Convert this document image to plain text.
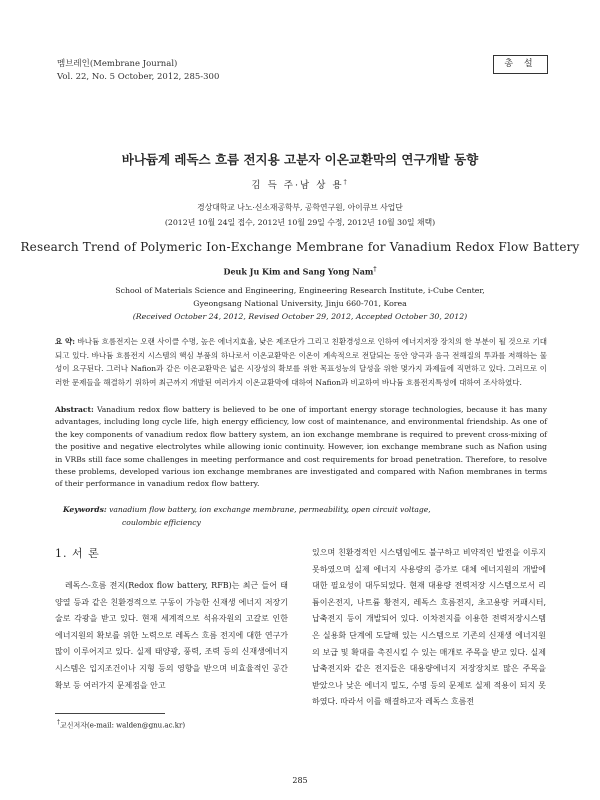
멤브레인(Membrane Journal)
Vol. 22, No. 5 October, 2012, 285-300
총 설
바나듐계 레독스 흐름 전지용 고분자 이온교환막의 연구개발 동향
김 득 주·남 상 용†
경상대학교 나노·신소재공학부, 공학연구원, 아이큐브 사업단
(2012년 10월 24일 접수, 2012년 10월 29일 수정, 2012년 10월 30일 채택)
Research Trend of Polymeric Ion-Exchange Membrane for Vanadium Redox Flow Battery
Deuk Ju Kim and Sang Yong Nam†
School of Materials Science and Engineering, Engineering Research Institute, i-Cube Center,
Gyeongsang National University, Jinju 660-701, Korea
(Received October 24, 2012, Revised October 29, 2012, Accepted October 30, 2012)
요 약: 바나듐 흐름전지는 오랜 사이클 수명, 높은 에너지효율, 낮은 제조단가 그리고 친환경성으로 인하여 에너지저장 장치의 한 부분이 될 것으로 기대되고 있다. 바나듐 흐름전지 시스템의 핵심 부품의 하나로서 이온교환막은 이온이 계속적으로 전달되는 동안 양극과 음극 전해질의 투과를 저해하는 물성이 요구된다. 그러나 Nafion과 같은 이온교환막은 넓은 시장성의 확보를 위한 목표성능의 달성을 위한 몇가지 과제들에 직면하고 있다. 그러므로 이러한 문제들을 해결하기 위하여 최근까지 개발된 여러가지 이온교환막에 대하여 Nafion과 비교하여 바나듐 흐름전지특성에 대하여 조사하였다.
Abstract: Vanadium redox flow battery is believed to be one of important energy storage technologies, because it has many advantages, including long cycle life, high energy efficiency, low cost of maintenance, and environmental friendship. As one of the key components of vanadium redox flow battery system, an ion exchange membrane is required to prevent cross-mixing of the positive and negative electrolytes while allowing ionic continuity. However, ion exchange membrane such as Nafion using in VRBs still face some challenges in meeting performance and cost requirements for broad penetration. Therefore, to resolve these problems, developed various ion exchange membranes are investigated and compared with Nafion membranes in terms of their performance in vanadium redox flow battery.
Keywords: vanadium flow battery, ion exchange membrane, permeability, open circuit voltage,
coulombic efficiency
1. 서 론
레독스-흐름 전지(Redox flow battery, RFB)는 최근 들어 태양열 등과 같은 친환경적으로 구동이 가능한 신재생 에너지 저장기술로 각광을 받고 있다. 현재 세계적으로 석유자원의 고갈로 인한 에너지원의 확보를 위한 노력으로 레독스 흐름 전지에 대한 연구가 많이 이루어지고 있다. 실제 태양광, 풍력, 조력 등의 신재생에너지시스템은 입지조건이나 지형 등의 영향을 받으며 비효율적인 공간 확보 등 여러가지 문제점을 안고
있으며 친환경적인 시스템임에도 불구하고 비약적인 발전을 이루지 못하였으며 실제 에너지 사용량의 증가로 대체 에너지원의 개발에 대한 필요성이 대두되었다. 현재 대용량 전력저장 시스템으로서 리튬이온전지, 나트륨 황전지, 레독스 흐름전지, 초고용량 커패시터, 납축전지 등이 개발되어 있다. 이차전지를 이용한 전력저장시스템은 실용화 단계에 도달해 있는 시스템으로 기존의 신재생 에너지원의 보급 및 확대를 촉진시킬 수 있는 매개로 주목을 받고 있다. 실제 납축전지와 같은 전지들은 대용량에너지 저장장치로 많은 주목을 받았으나 낮은 에너지 밀도, 수명 등의 문제로 실제 적용이 되지 못하였다. 따라서 이를 해결하고자 레독스 흐름전
†교신저자(e-mail: walden@gnu.ac.kr)
285
